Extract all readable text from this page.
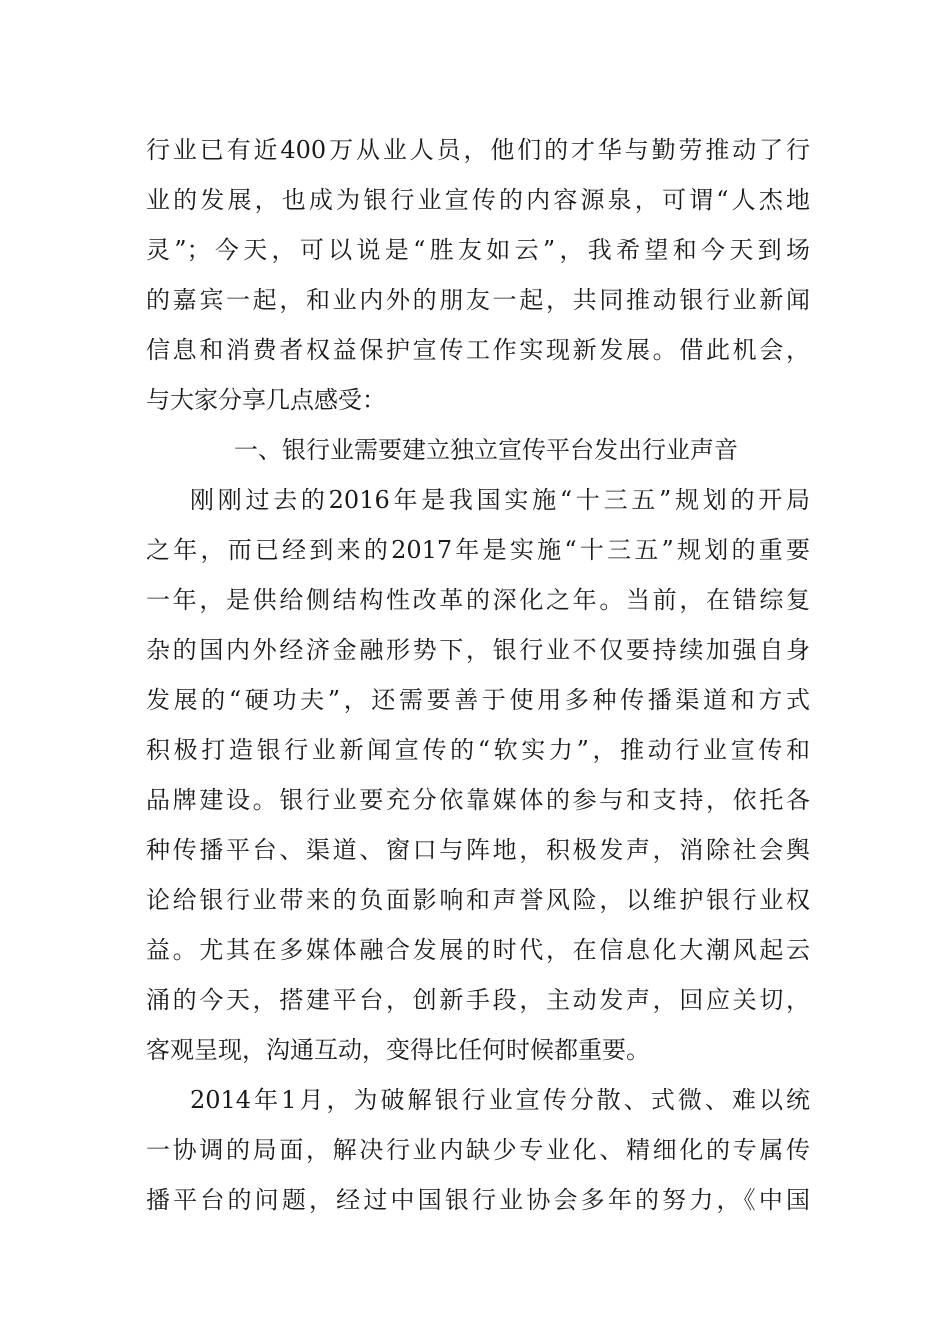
行业已有近400万从业人员，他们的才华与勤劳推动了行
业的发展，也成为银行业宣传的内容源泉，可谓“人杰地
灵”；今天，可以说是“胜友如云”，我希望和今天到场
的嘉宾一起，和业内外的朋友一起，共同推动银行业新闻
信息和消费者权益保护宣传工作实现新发展。借此机会，
与大家分享几点感受：
一、银行业需要建立独立宣传平台发出行业声音
刚刚过去的2016年是我国实施“十三五”规划的开局
之年，而已经到来的2017年是实施“十三五”规划的重要
一年，是供给侧结构性改革的深化之年。当前，在错综复
杂的国内外经济金融形势下，银行业不仅要持续加强自身
发展的“硬功夫”，还需要善于使用多种传播渠道和方式
积极打造银行业新闻宣传的“软实力”，推动行业宣传和
品牌建设。银行业要充分依靠媒体的参与和支持，依托各
种传播平台、渠道、窗口与阵地，积极发声，消除社会舆
论给银行业带来的负面影响和声誉风险，以维护银行业权
益。尤其在多媒体融合发展的时代，在信息化大潮风起云
涌的今天，搭建平台，创新手段，主动发声，回应关切，
客观呈现，沟通互动，变得比任何时候都重要。
2014年1月，为破解银行业宣传分散、式微、难以统
一协调的局面，解决行业内缺少专业化、精细化的专属传
播平台的问题，经过中国银行业协会多年的努力，《中国
